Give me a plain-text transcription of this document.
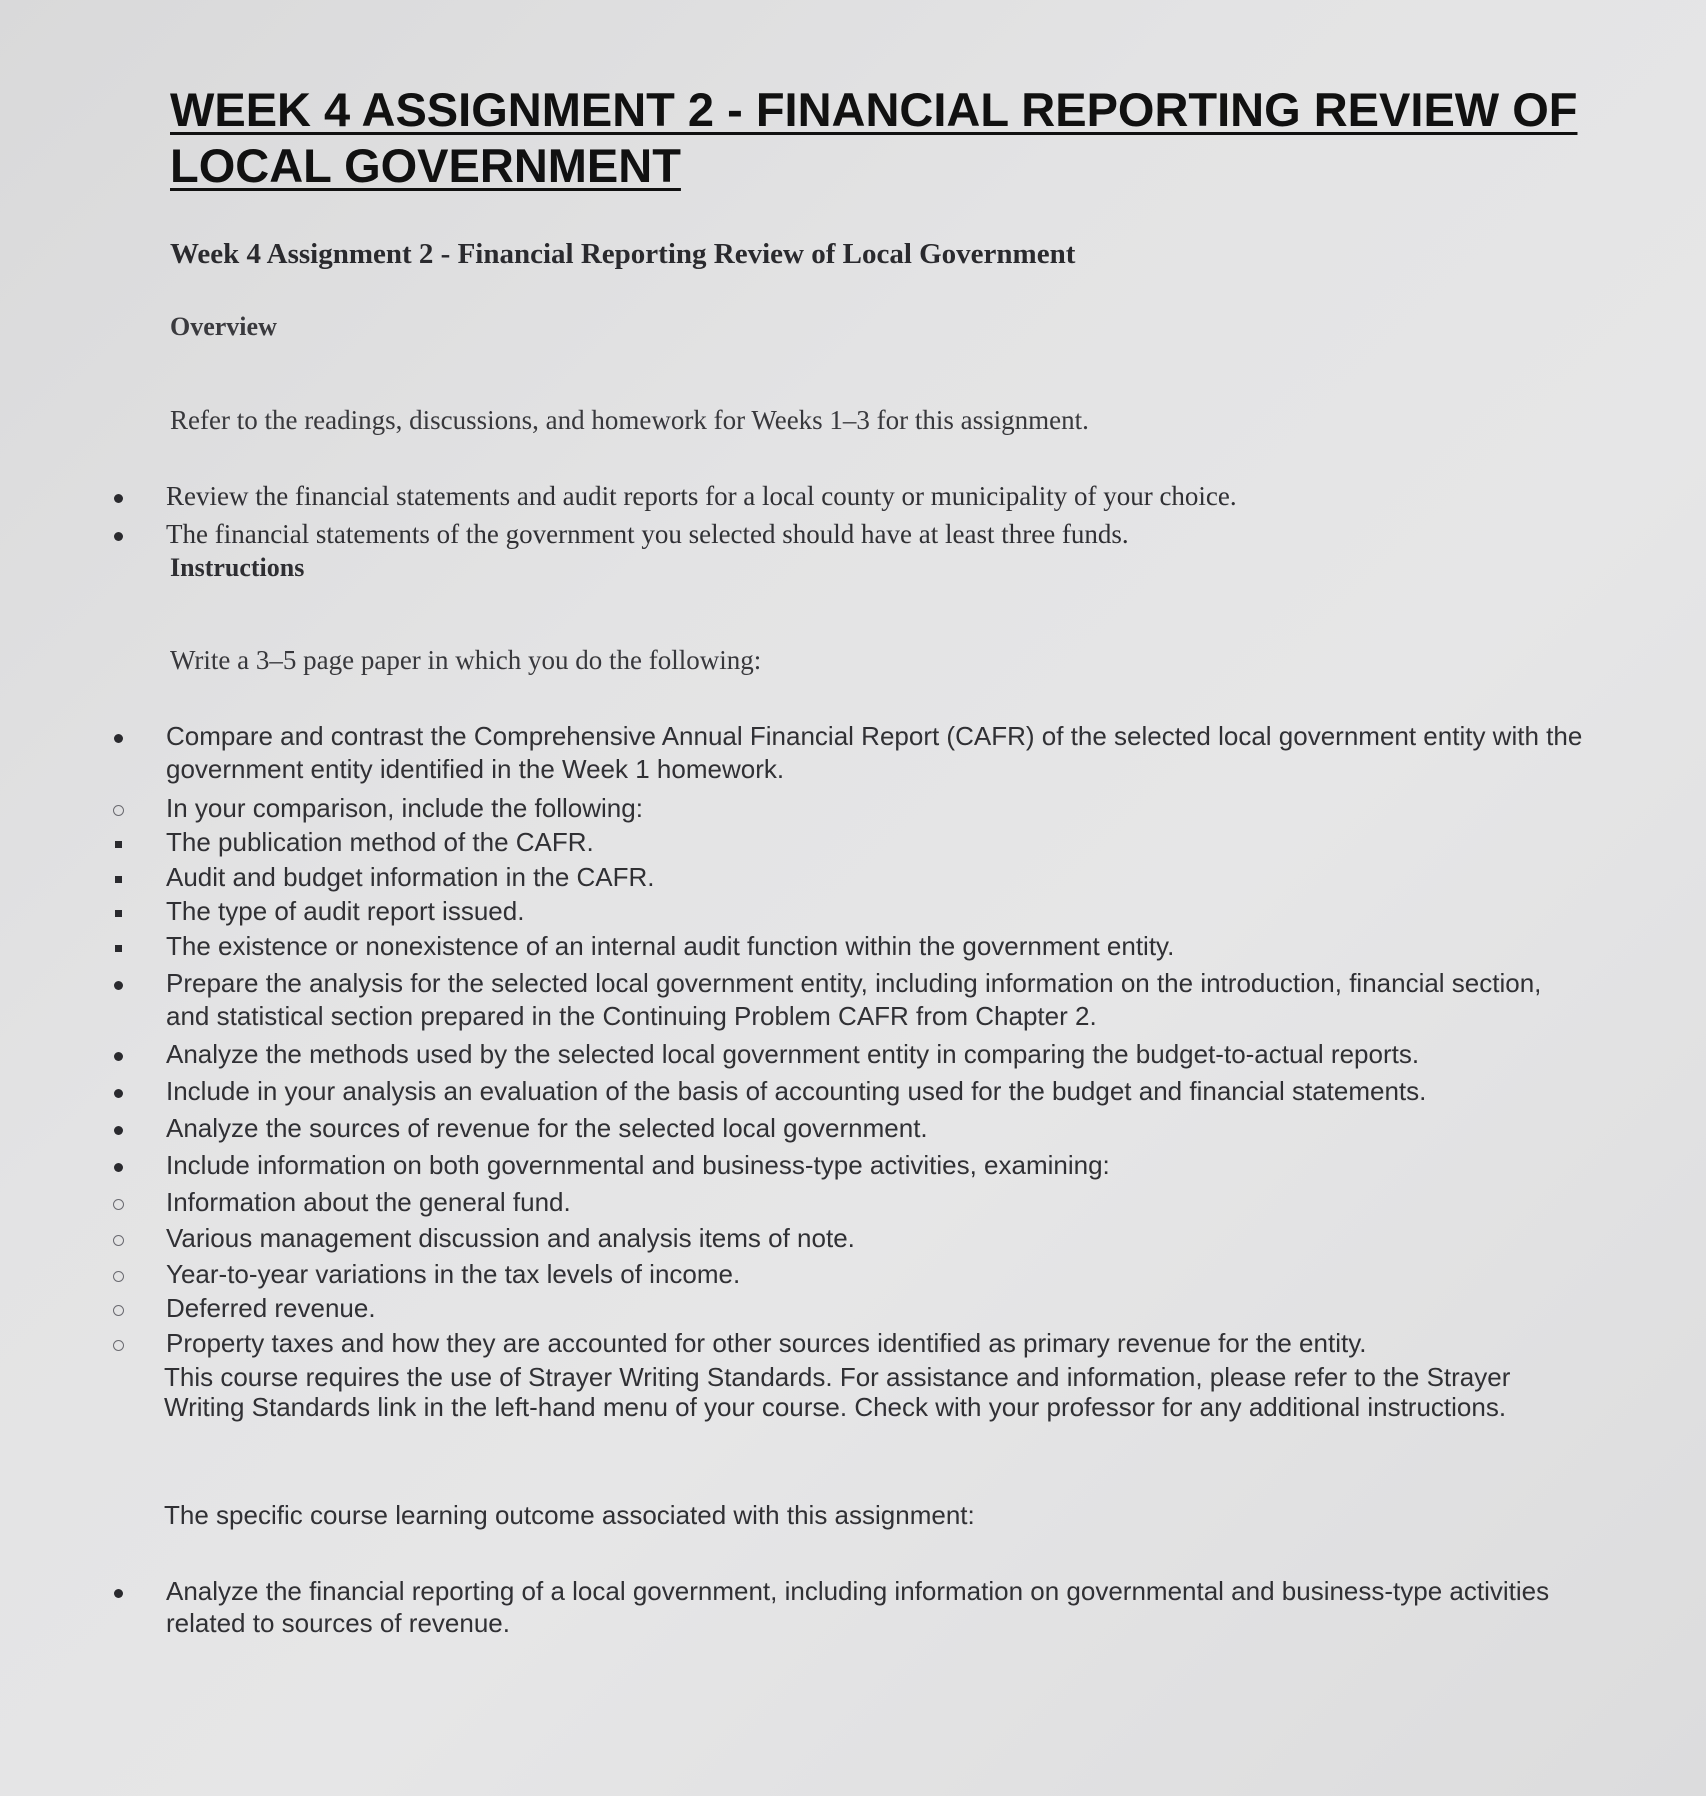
WEEK 4 ASSIGNMENT 2 - FINANCIAL REPORTING REVIEW OF LOCAL GOVERNMENT
Week 4 Assignment 2 - Financial Reporting Review of Local Government
Overview
Refer to the readings, discussions, and homework for Weeks 1–3 for this assignment.
Review the financial statements and audit reports for a local county or municipality of your choice.
The financial statements of the government you selected should have at least three funds.
Instructions
Write a 3–5 page paper in which you do the following:
Compare and contrast the Comprehensive Annual Financial Report (CAFR) of the selected local government entity with the government entity identified in the Week 1 homework.
In your comparison, include the following:
The publication method of the CAFR.
Audit and budget information in the CAFR.
The type of audit report issued.
The existence or nonexistence of an internal audit function within the government entity.
Prepare the analysis for the selected local government entity, including information on the introduction, financial section, and statistical section prepared in the Continuing Problem CAFR from Chapter 2.
Analyze the methods used by the selected local government entity in comparing the budget-to-actual reports.
Include in your analysis an evaluation of the basis of accounting used for the budget and financial statements.
Analyze the sources of revenue for the selected local government.
Include information on both governmental and business-type activities, examining:
Information about the general fund.
Various management discussion and analysis items of note.
Year-to-year variations in the tax levels of income.
Deferred revenue.
Property taxes and how they are accounted for other sources identified as primary revenue for the entity.
This course requires the use of Strayer Writing Standards. For assistance and information, please refer to the Strayer Writing Standards link in the left-hand menu of your course. Check with your professor for any additional instructions.
The specific course learning outcome associated with this assignment:
Analyze the financial reporting of a local government, including information on governmental and business-type activities related to sources of revenue.
